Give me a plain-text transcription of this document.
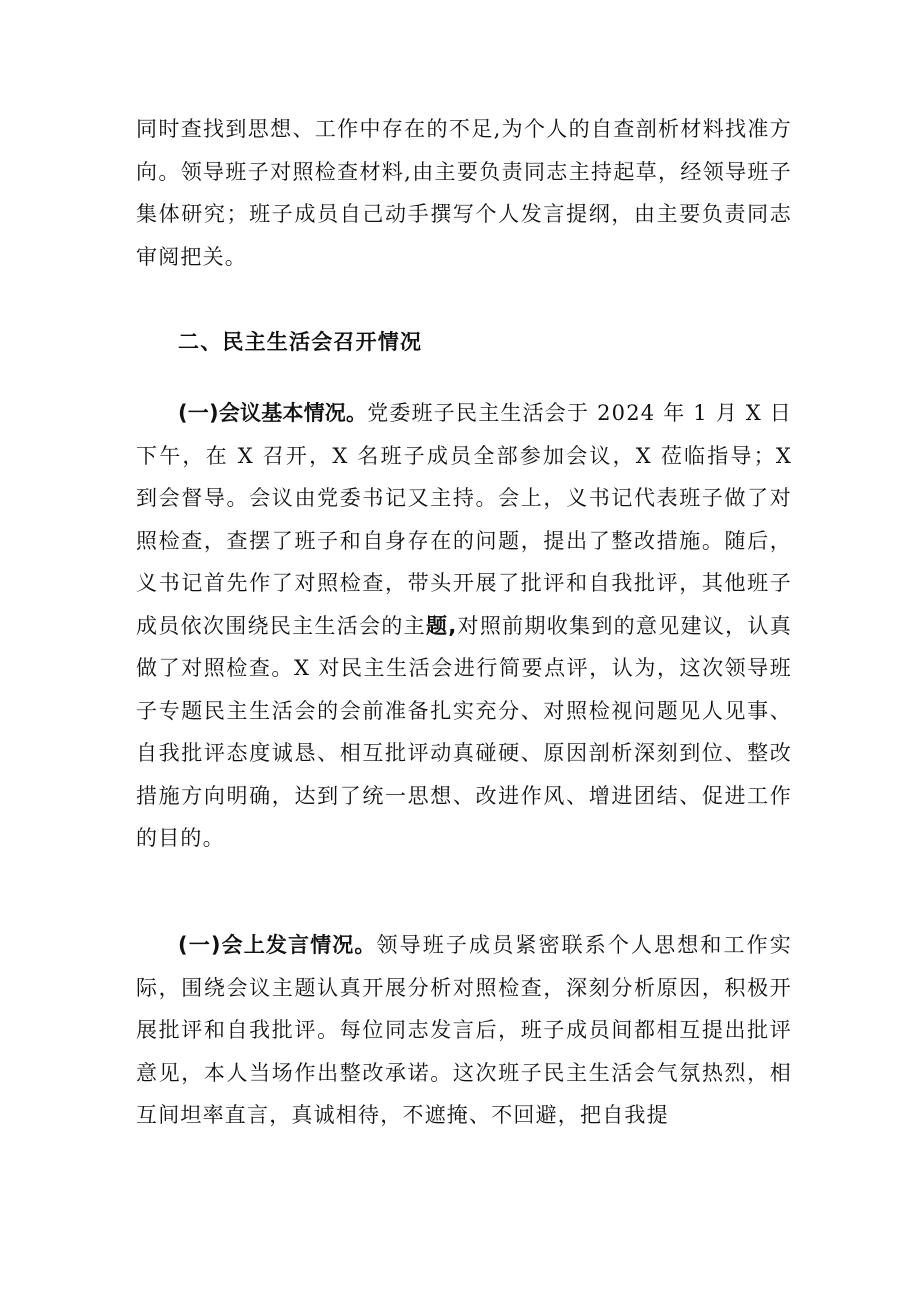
同时查找到思想、工作中存在的不足,为个人的自查剖析材料找准方向。领导班子对照检查材料,由主要负责同志主持起草，经领导班子集体研究；班子成员自己动手撰写个人发言提纲，由主要负责同志审阅把关。

二、民主生活会召开情况

(一)会议基本情况。党委班子民主生活会于 2024 年 1 月 X 日下午，在 X 召开，X 名班子成员全部参加会议，X 莅临指导；X 到会督导。会议由党委书记又主持。会上，义书记代表班子做了对照检查，查摆了班子和自身存在的问题，提出了整改措施。随后，义书记首先作了对照检查，带头开展了批评和自我批评，其他班子成员依次围绕民主生活会的主题,对照前期收集到的意见建议，认真做了对照检查。X 对民主生活会进行简要点评，认为，这次领导班子专题民主生活会的会前准备扎实充分、对照检视问题见人见事、自我批评态度诚恳、相互批评动真碰硬、原因剖析深刻到位、整改措施方向明确，达到了统一思想、改进作风、增进团结、促进工作的目的。

(一)会上发言情况。领导班子成员紧密联系个人思想和工作实际，围绕会议主题认真开展分析对照检查，深刻分析原因，积极开展批评和自我批评。每位同志发言后，班子成员间都相互提出批评意见，本人当场作出整改承诺。这次班子民主生活会气氛热烈，相互间坦率直言，真诚相待，不遮掩、不回避，把自我提
